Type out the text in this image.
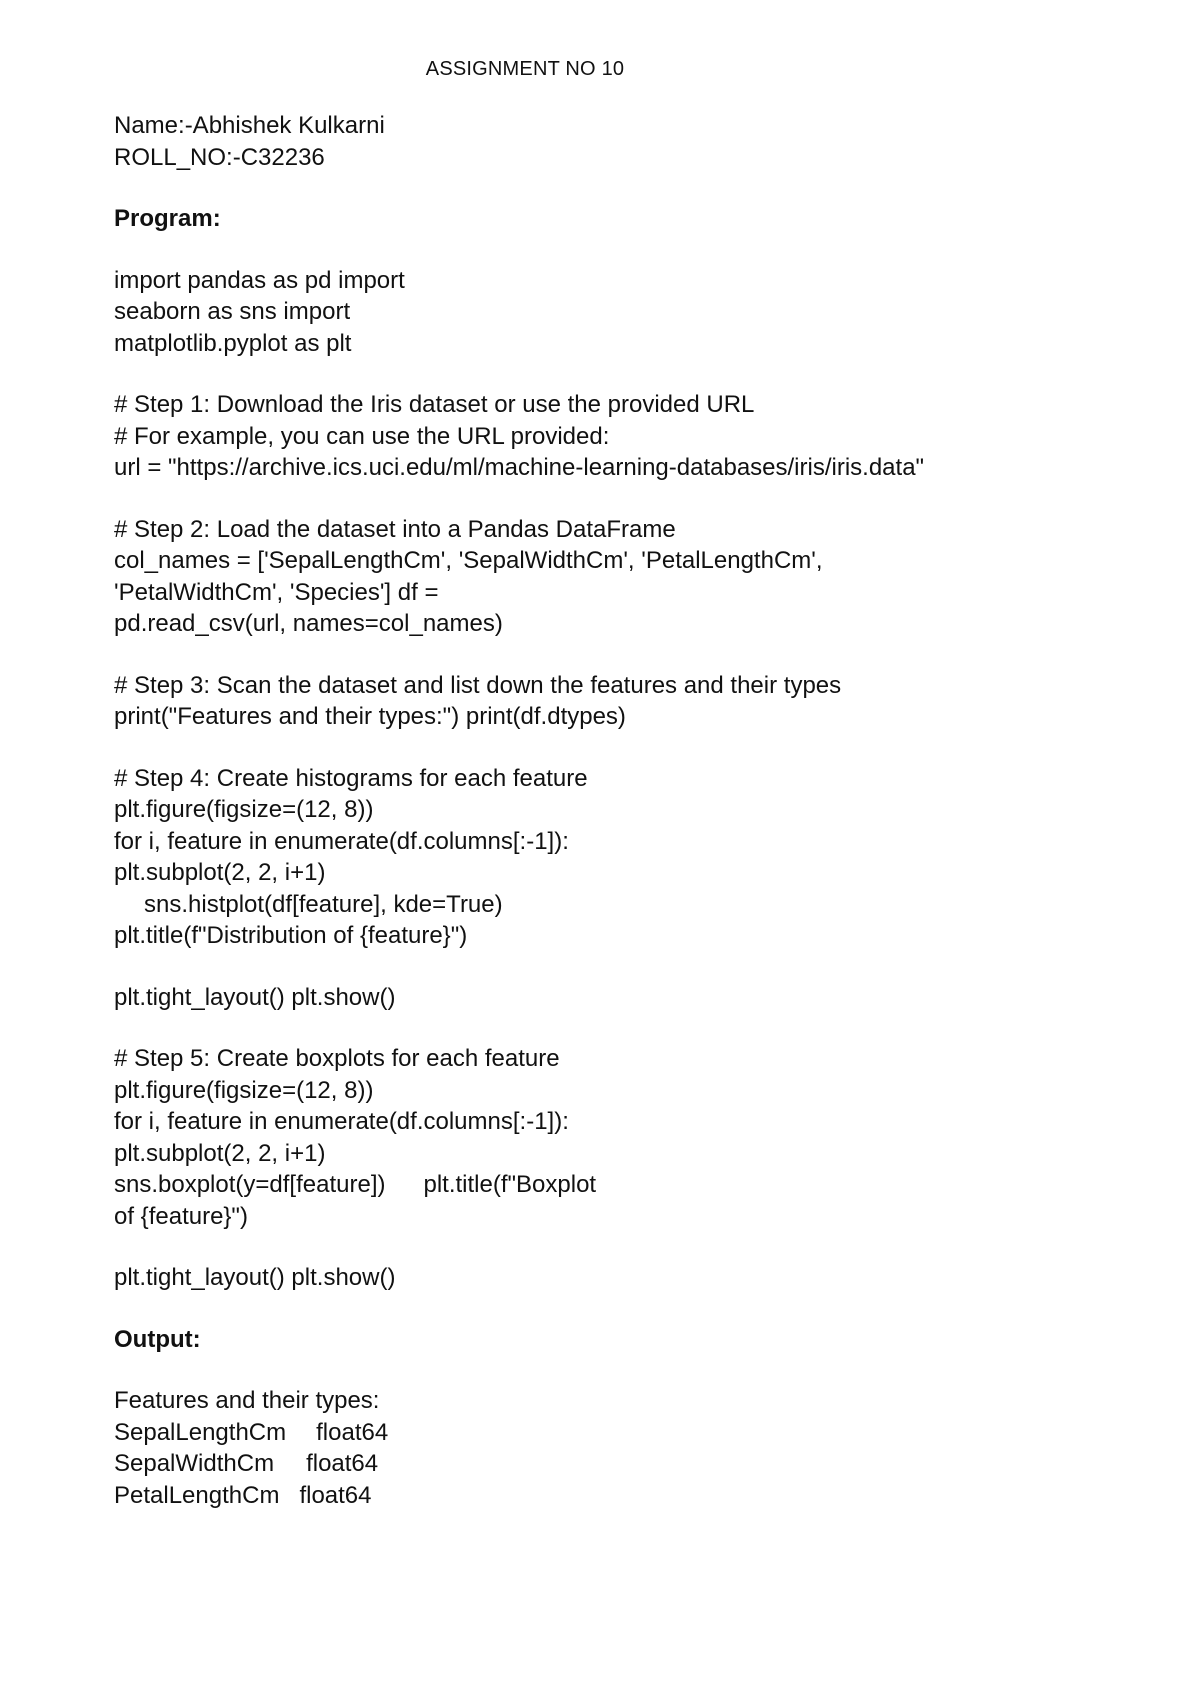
ASSIGNMENT NO 10
Name:-Abhishek Kulkarni
ROLL_NO:-C32236
Program:
import pandas as pd import
seaborn as sns import
matplotlib.pyplot as plt
# Step 1: Download the Iris dataset or use the provided URL
# For example, you can use the URL provided:
url = "https://archive.ics.uci.edu/ml/machine-learning-databases/iris/iris.data"
# Step 2: Load the dataset into a Pandas DataFrame
col_names = ['SepalLengthCm', 'SepalWidthCm', 'PetalLengthCm',
'PetalWidthCm', 'Species'] df =
pd.read_csv(url, names=col_names)
# Step 3: Scan the dataset and list down the features and their types
print("Features and their types:") print(df.dtypes)
# Step 4: Create histograms for each feature
plt.figure(figsize=(12, 8))
for i, feature in enumerate(df.columns[:-1]):
plt.subplot(2, 2, i+1)
sns.histplot(df[feature], kde=True)
plt.title(f"Distribution of {feature}")
plt.tight_layout() plt.show()
# Step 5: Create boxplots for each feature
plt.figure(figsize=(12, 8))
for i, feature in enumerate(df.columns[:-1]):
plt.subplot(2, 2, i+1)
sns.boxplot(y=df[feature]) plt.title(f"Boxplot
of {feature}")
plt.tight_layout() plt.show()
Output:
Features and their types:
SepalLengthCm float64
SepalWidthCm float64
PetalLengthCm float64
